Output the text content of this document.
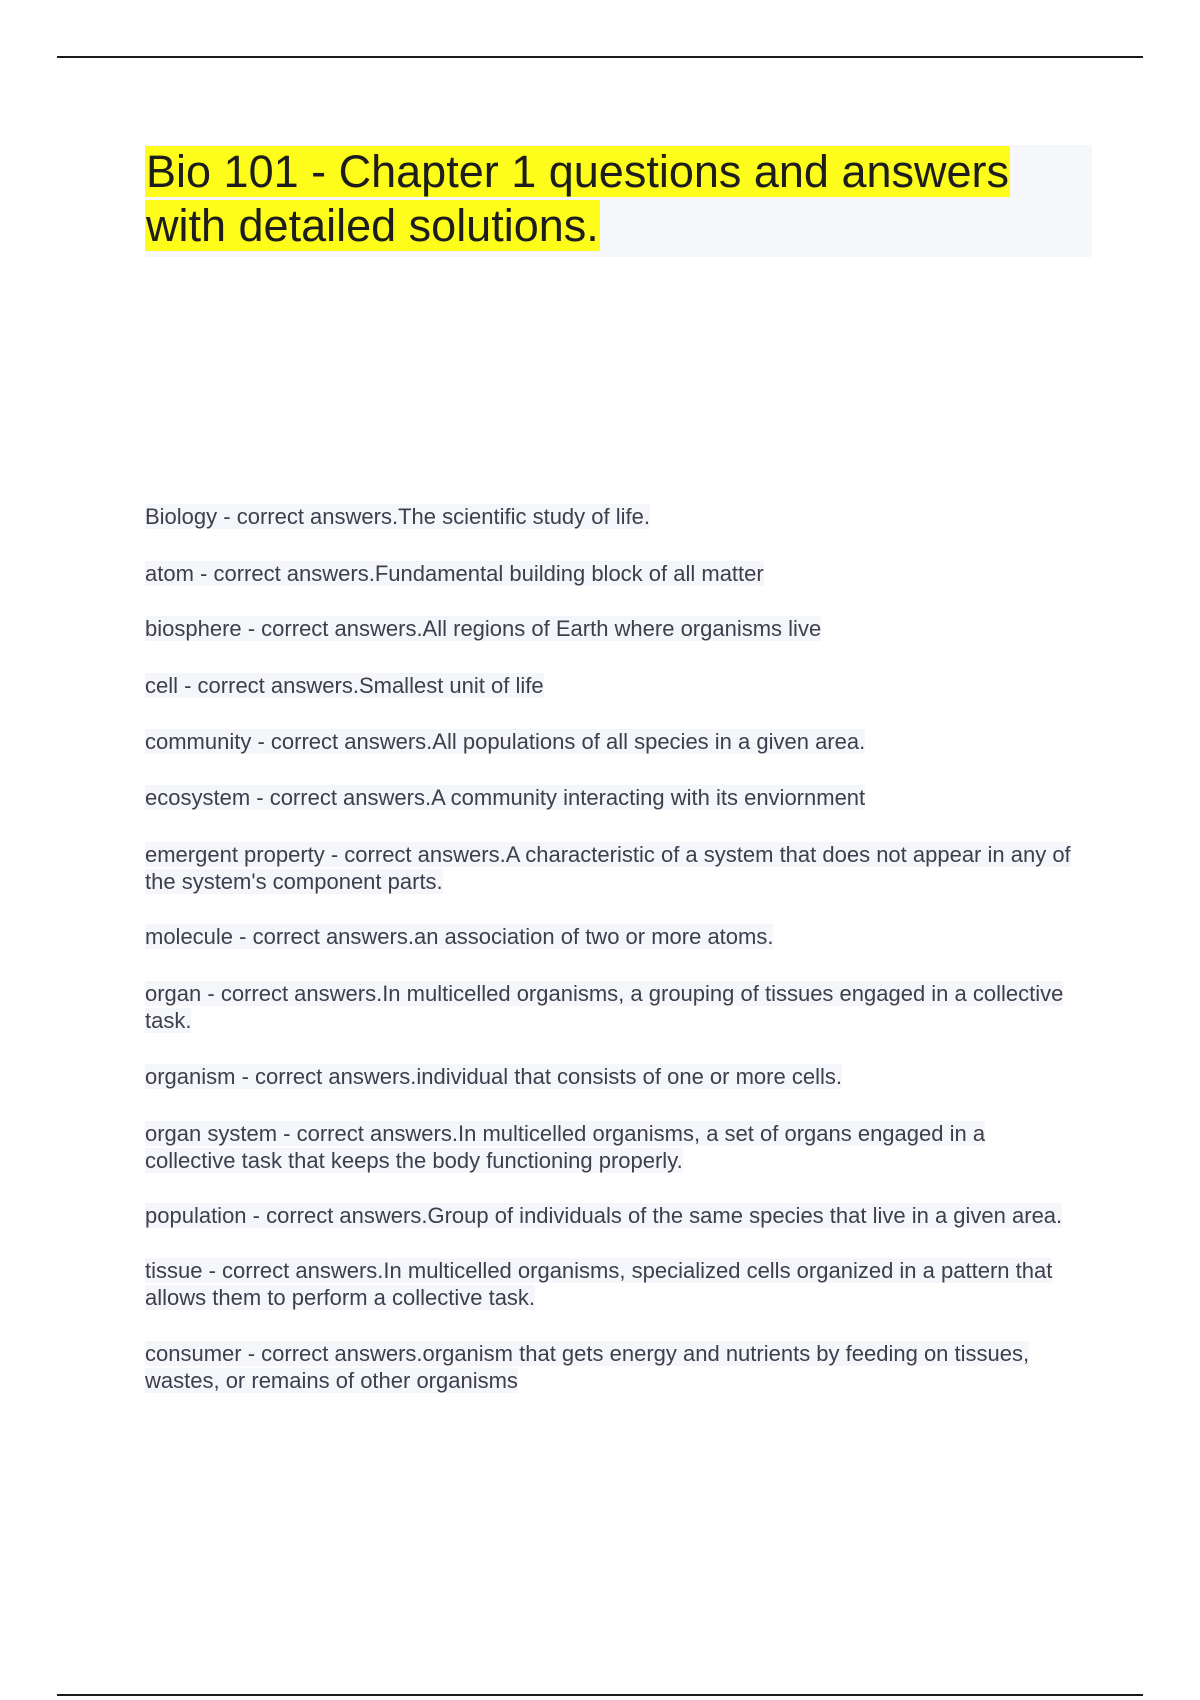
Bio 101 - Chapter 1 questions and answers with detailed solutions.
Biology - correct answers.The scientific study of life.
atom - correct answers.Fundamental building block of all matter
biosphere - correct answers.All regions of Earth where organisms live
cell - correct answers.Smallest unit of life
community - correct answers.All populations of all species in a given area.
ecosystem - correct answers.A community interacting with its enviornment
emergent property - correct answers.A characteristic of a system that does not appear in any of the system's component parts.
molecule - correct answers.an association of two or more atoms.
organ - correct answers.In multicelled organisms, a grouping of tissues engaged in a collective task.
organism - correct answers.individual that consists of one or more cells.
organ system - correct answers.In multicelled organisms, a set of organs engaged in a collective task that keeps the body functioning properly.
population - correct answers.Group of individuals of the same species that live in a given area.
tissue - correct answers.In multicelled organisms, specialized cells organized in a pattern that allows them to perform a collective task.
consumer - correct answers.organism that gets energy and nutrients by feeding on tissues, wastes, or remains of other organisms
